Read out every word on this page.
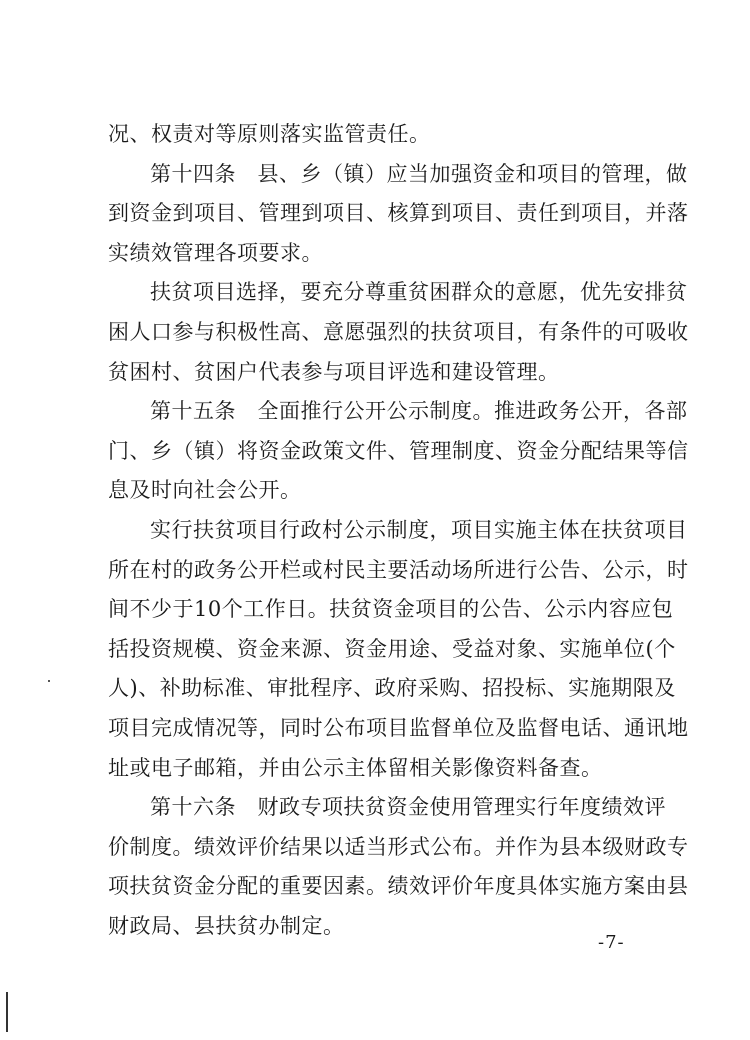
况、权责对等原则落实监管责任。
第十四条　县、乡（镇）应当加强资金和项目的管理，做
到资金到项目、管理到项目、核算到项目、责任到项目，并落
实绩效管理各项要求。
扶贫项目选择，要充分尊重贫困群众的意愿，优先安排贫
困人口参与积极性高、意愿强烈的扶贫项目，有条件的可吸收
贫困村、贫困户代表参与项目评选和建设管理。
第十五条　全面推行公开公示制度。推进政务公开，各部
门、乡（镇）将资金政策文件、管理制度、资金分配结果等信
息及时向社会公开。
实行扶贫项目行政村公示制度，项目实施主体在扶贫项目
所在村的政务公开栏或村民主要活动场所进行公告、公示，时
间不少于10个工作日。扶贫资金项目的公告、公示内容应包
括投资规模、资金来源、资金用途、受益对象、实施单位(个
人)、补助标准、审批程序、政府采购、招投标、实施期限及
项目完成情况等，同时公布项目监督单位及监督电话、通讯地
址或电子邮箱，并由公示主体留相关影像资料备查。
第十六条　财政专项扶贫资金使用管理实行年度绩效评
价制度。绩效评价结果以适当形式公布。并作为县本级财政专
项扶贫资金分配的重要因素。绩效评价年度具体实施方案由县
财政局、县扶贫办制定。
-7-
